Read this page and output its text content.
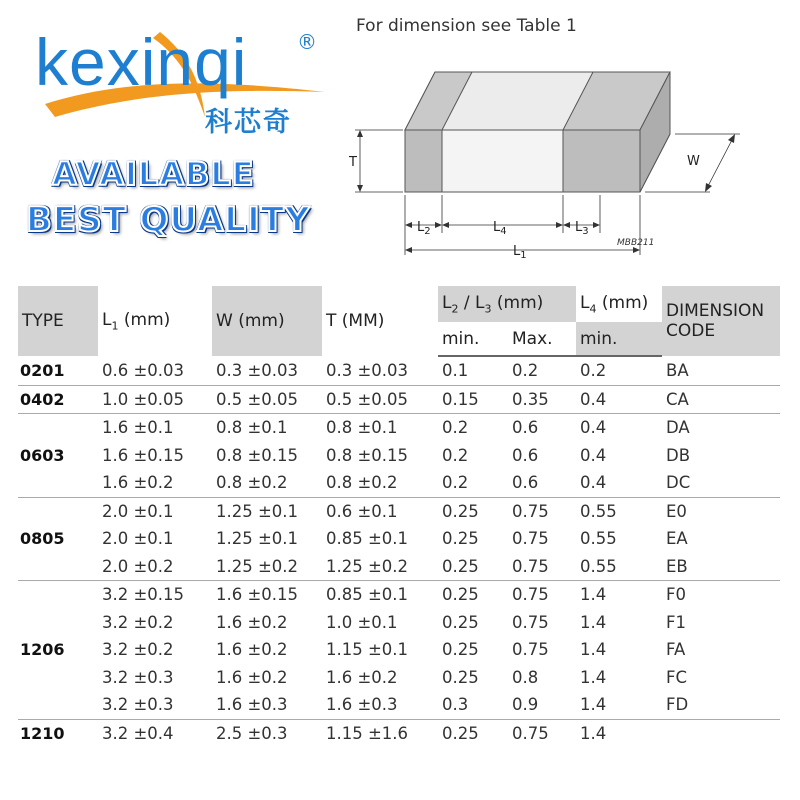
kexinqi ®
科芯奇
AVAILABLE
BEST QUALITY
For dimension see Table 1
T	W
$L_2$	$L_4$	$L_3$
$L_1$
MBB211
TYPE	$L_1$ (mm)	W (mm)	T (MM)	$L_2 / L_3$ (mm)		$L_4$ (mm)	DIMENSION
CODE
				min.	Max.	min.	
0201	0.6 ±0.03	0.3 ±0.03	0.3 ±0.03	0.1	0.2	0.2	BA
0402	1.0 ±0.05	0.5 ±0.05	0.5 ±0.05	0.15	0.35	0.4	CA
0603	1.6 ±0.1	0.8 ±0.1	0.8 ±0.1	0.2	0.6	0.4	DA
	1.6 ±0.15	0.8 ±0.15	0.8 ±0.15	0.2	0.6	0.4	DB
	1.6 ±0.2	0.8 ±0.2	0.8 ±0.2	0.2	0.6	0.4	DC
0805	2.0 ±0.1	1.25 ±0.1	0.6 ±0.1	0.25	0.75	0.55	E0
	2.0 ±0.1	1.25 ±0.1	0.85 ±0.1	0.25	0.75	0.55	EA
	2.0 ±0.2	1.25 ±0.2	1.25 ±0.2	0.25	0.75	0.55	EB
1206	3.2 ±0.15	1.6 ±0.15	0.85 ±0.1	0.25	0.75	1.4	F0
	3.2 ±0.2	1.6 ±0.2	1.0 ±0.1	0.25	0.75	1.4	F1
	3.2 ±0.2	1.6 ±0.2	1.15 ±0.1	0.25	0.75	1.4	FA
	3.2 ±0.3	1.6 ±0.2	1.6 ±0.2	0.25	0.8	1.4	FC
	3.2 ±0.3	1.6 ±0.3	1.6 ±0.3	0.3	0.9	1.4	FD
1210	3.2 ±0.4	2.5 ±0.3	1.15 ±1.6	0.25	0.75	1.4	
